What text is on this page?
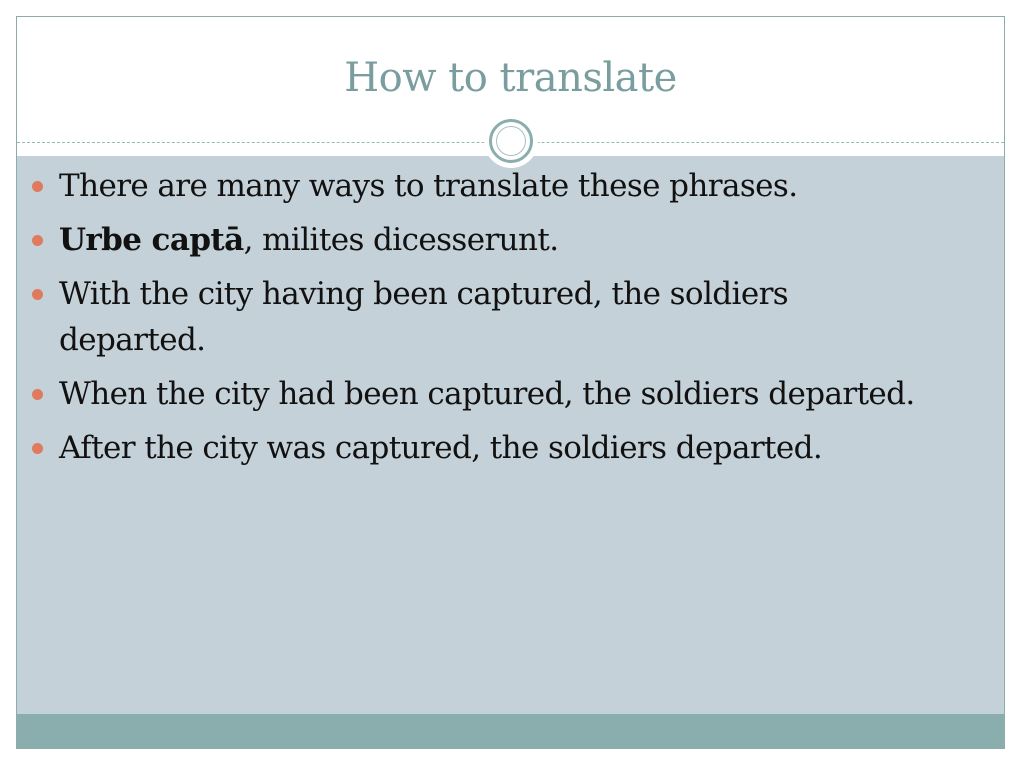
How to translate
There are many ways to translate these phrases.
Urbe captā, milites dicesserunt.
With the city having been captured, the soldiers departed.
When the city had been captured, the soldiers departed.
After the city was captured, the soldiers departed.
